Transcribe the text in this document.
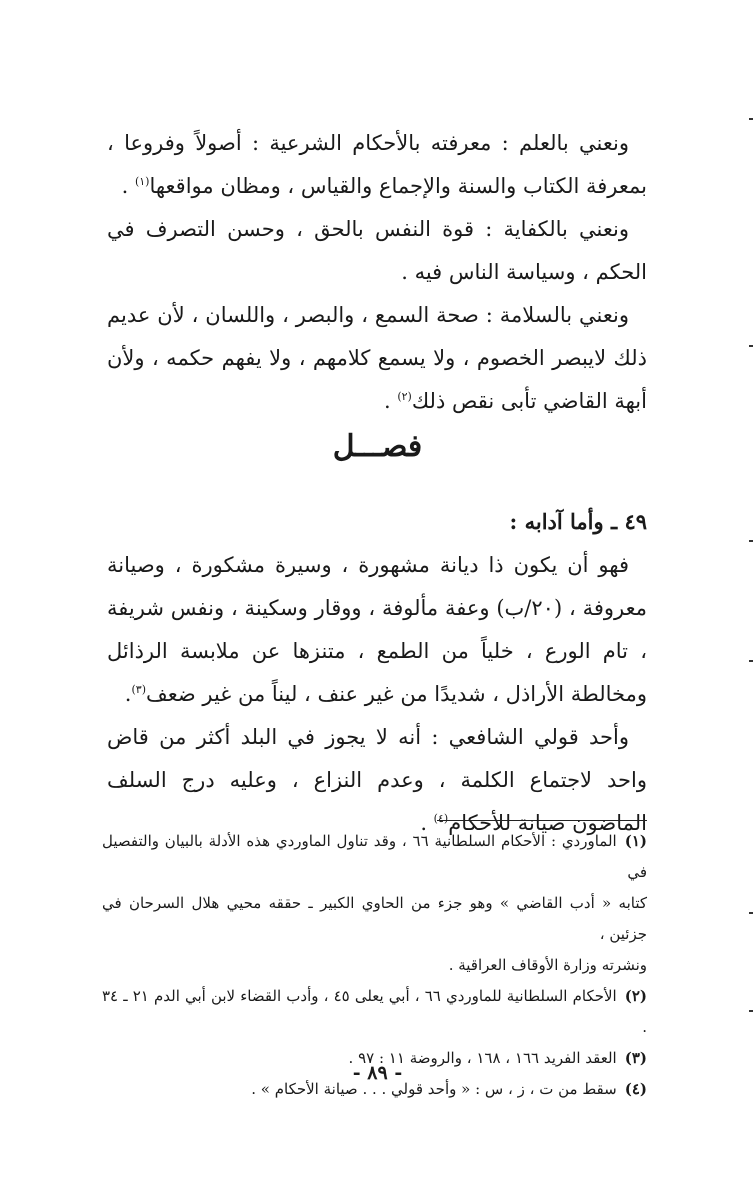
ونعني بالعلم : معرفته بالأحكام الشرعية : أصولاً وفروعا ، بمعرفة الكتاب والسنة والإجماع والقياس ، ومظان مواقعها$^{(١)}$ .

ونعني بالكفاية : قوة النفس بالحق ، وحسن التصرف في الحكم ، وسياسة الناس فيه .

ونعني بالسلامة : صحة السمع ، والبصر ، واللسان ، لأن عديم ذلك لايبصر الخصوم ، ولا يسمع كلامهم ، ولا يفهم حكمه ، ولأن أبهة القاضي تأبى نقص ذلك$^{(٢)}$ .

فصـــل

٤٩ ـ وأما آدابه :

فهو أن يكون ذا ديانة مشهورة ، وسيرة مشكورة ، وصيانة معروفة ، (٢٠/ب) وعفة مألوفة ، ووقار وسكينة ، ونفس شريفة ، تام الورع ، خلياً من الطمع ، متنزها عن ملابسة الرذائل ومخالطة الأراذل ، شديدًا من غير عنف ، ليناً من غير ضعف$^{(٣)}$.

وأحد قولي الشافعي : أنه لا يجوز في البلد أكثر من قاض واحد لاجتماع الكلمة ، وعدم النزاع ، وعليه درج السلف الماضون صيانة للأحكام$^{(٤)}$ .

(١)الماوردي : الأحكام السلطانية ٦٦ ، وقد تناول الماوردي هذه الأدلة بالبيان والتفصيل في
كتابه « أدب القاضي » وهو جزء من الحاوي الكبير ـ حققه محيي هلال السرحان في جزئين ،
ونشرته وزارة الأوقاف العراقية .

(٢)الأحكام السلطانية للماوردي ٦٦ ، أبي يعلى ٤٥ ، وأدب القضاء لابن أبي الدم ٢١ ـ ٣٤ .

(٣)العقد الفريد ١٦٦ ، ١٦٨ ، والروضة ١١ : ٩٧ .

(٤)سقط من ت ، ز ، س : « وأحد قولي . . . صيانة الأحكام » .

- ٨٩ -
